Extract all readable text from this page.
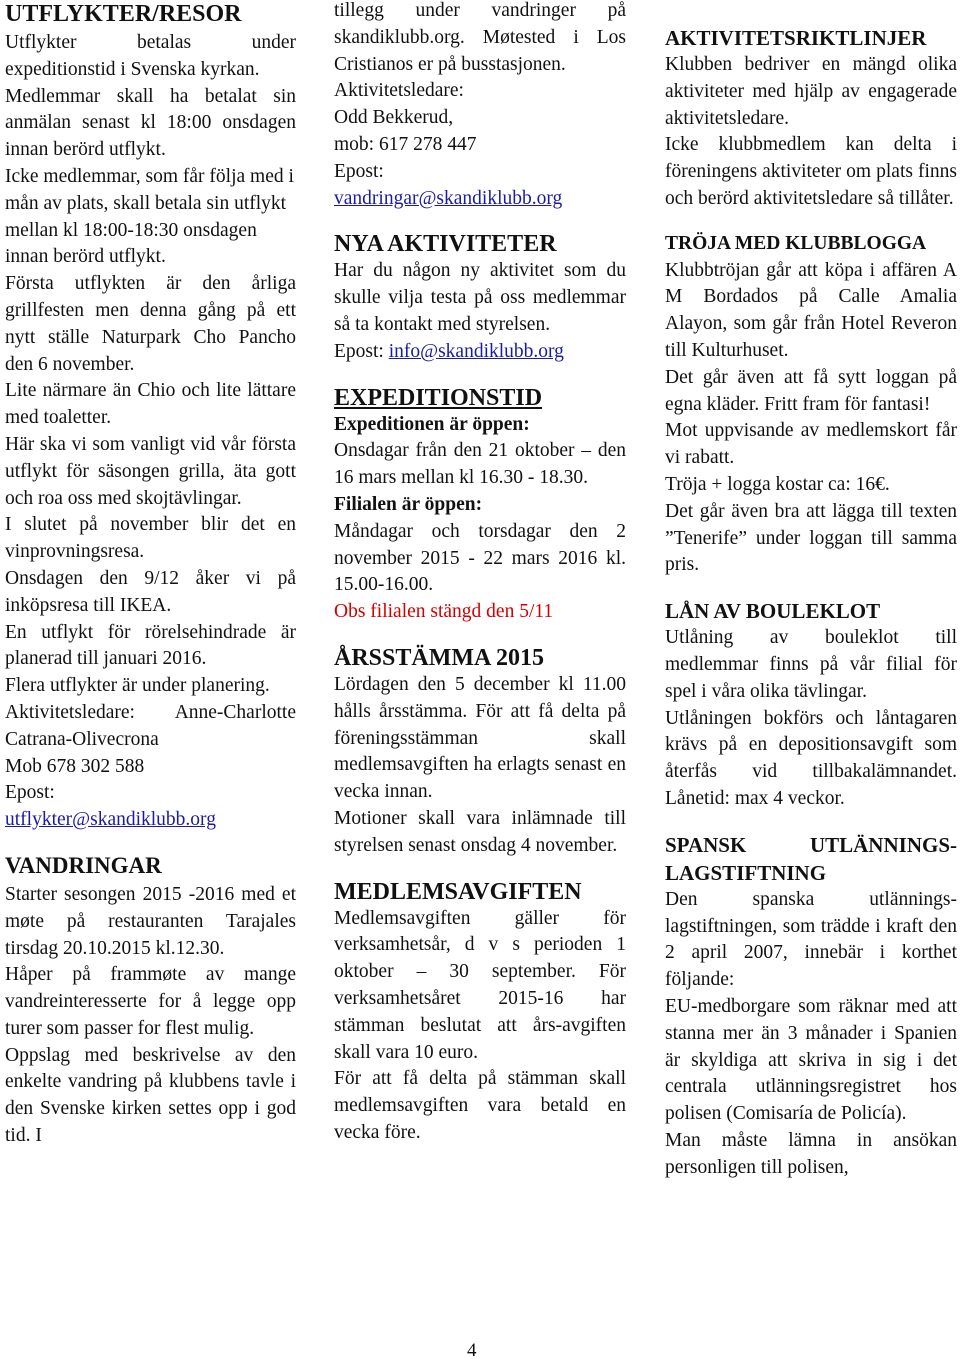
UTFLYKTER/RESOR

Utflykter betalas under expeditionstid i Svenska kyrkan.

Medlemmar skall ha betalat sin anmälan senast kl 18:00 onsdagen innan berörd utflykt.

Icke medlemmar, som får följa med i mån av plats, skall betala sin utflykt mellan kl 18:00-18:30 onsdagen innan berörd utflykt.

Första utflykten är den årliga grillfesten men denna gång på ett nytt ställe Naturpark Cho Pancho den 6 november.

Lite närmare än Chio och lite lättare med toaletter.

Här ska vi som vanligt vid vår första utflykt för säsongen grilla, äta gott och roa oss med skojtävlingar.

I slutet på november blir det en vinprovningsresa.

Onsdagen den 9/12 åker vi på inköpsresa till IKEA.

En utflykt för rörelsehindrade är planerad till januari 2016.

Flera utflykter är under planering.

Aktivitetsledare: Anne-Charlotte Catrana-Olivecrona

Mob 678 302 588

Epost:

utflykter@skandiklubb.org

VANDRINGAR

Starter sesongen 2015 -2016 med et møte på restauranten Tarajales tirsdag 20.10.2015 kl.12.30.

Håper på frammøte av mange vandreinteresserte for å legge opp turer som passer for flest mulig.

Oppslag med beskrivelse av den enkelte vandring på klubbens tavle i den Svenske kirken settes opp i god tid. I

tillegg under vandringer på skandiklubb.org. Møtested i Los Cristianos er på busstasjonen.

Aktivitetsledare:

Odd Bekkerud,

mob: 617 278 447

Epost:

vandringar@skandiklubb.org

NYA AKTIVITETER

Har du någon ny aktivitet som du skulle vilja testa på oss medlemmar så ta kontakt med styrelsen.

Epost: info@skandiklubb.org

EXPEDITIONSTID
Expeditionen är öppen:

Onsdagar från den 21 oktober – den 16 mars mellan kl 16.30 - 18.30.

Filialen är öppen:

Måndagar och torsdagar den 2 november 2015 - 22 mars 2016 kl. 15.00-16.00.

Obs filialen stängd den 5/11

ÅRSSTÄMMA 2015

Lördagen den 5 december kl 11.00 hålls årsstämma. För att få delta på föreningsstämman skall medlemsavgiften ha erlagts senast en vecka innan.

Motioner skall vara inlämnade till styrelsen senast onsdag 4 november.

MEDLEMSAVGIFTEN

Medlemsavgiften gäller för verksamhetsår, d v s perioden 1 oktober – 30 september. För verksamhetsåret 2015-16 har stämman beslutat att års-avgiften skall vara 10 euro.

För att få delta på stämman skall medlemsavgiften vara betald en vecka före.

AKTIVITETSRIKTLINJER

Klubben bedriver en mängd olika aktiviteter med hjälp av engagerade aktivitetsledare.

Icke klubbmedlem kan delta i föreningens aktiviteter om plats finns och berörd aktivitetsledare så tillåter.

TRÖJA MED KLUBBLOGGA

Klubbtröjan går att köpa i affären A M Bordados på Calle Amalia Alayon, som går från Hotel Reveron till Kulturhuset.

Det går även att få sytt loggan på egna kläder. Fritt fram för fantasi!

Mot uppvisande av medlemskort får vi rabatt.

Tröja + logga kostar ca: 16€.

Det går även bra att lägga till texten ”Tenerife” under loggan till samma pris.

LÅN AV BOULEKLOT

Utlåning av bouleklot till medlemmar finns på vår filial för spel i våra olika tävlingar.

Utlåningen bokförs och låntagaren krävs på en depositionsavgift som återfås vid tillbakalämnandet. Lånetid: max 4 veckor.

SPANSK UTLÄNNINGS-LAGSTIFTNING

Den spanska utlännings-lagstiftningen, som trädde i kraft den 2 april 2007, innebär i korthet följande:

EU-medborgare som räknar med att stanna mer än 3 månader i Spanien är skyldiga att skriva in sig i det centrala utlänningsregistret hos polisen (Comisaría de Policía).

Man måste lämna in ansökan personligen till polisen,

4
